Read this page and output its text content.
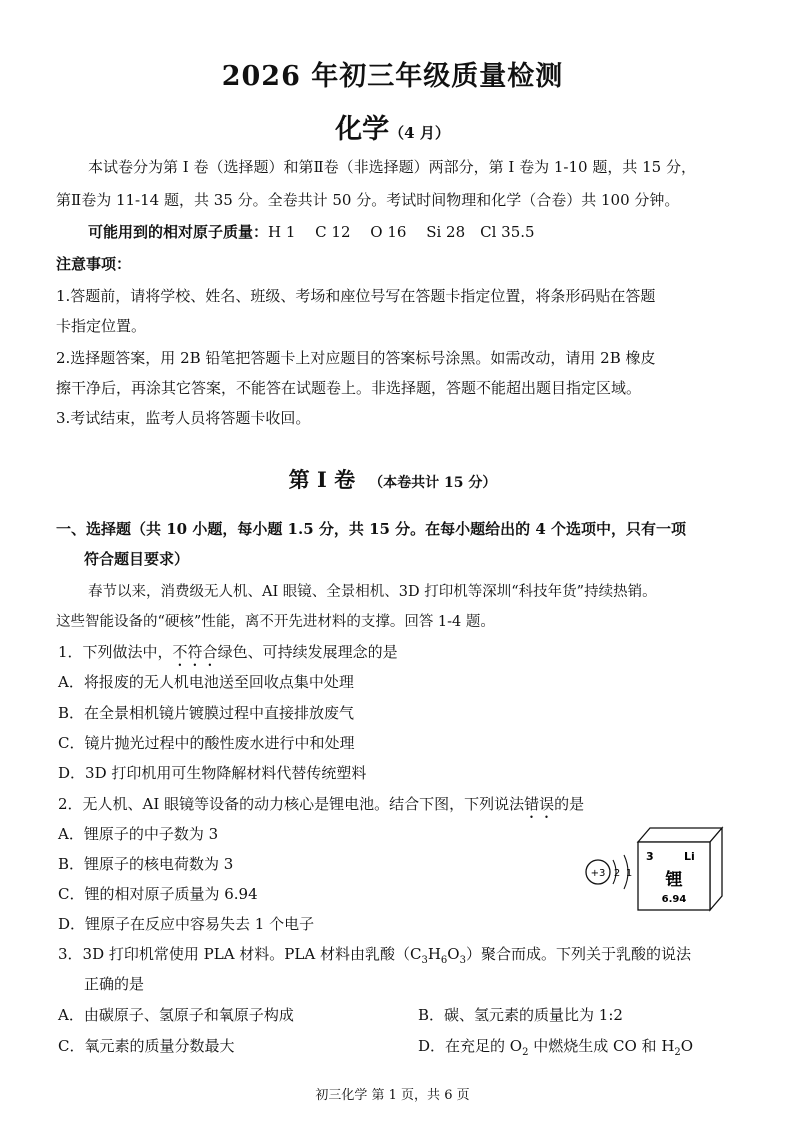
2026 年初三年级质量检测
化学（4 月）
本试卷分为第 I 卷（选择题）和第Ⅱ卷（非选择题）两部分，第 I 卷为 1-10 题，共 15 分，
第Ⅱ卷为 11-14 题，共 35 分。全卷共计 50 分。考试时间物理和化学（合卷）共 100 分钟。
可能用到的相对原子质量：H 1　 C 12　 O 16　 Si 28　Cl 35.5
注意事项：
1.答题前，请将学校、姓名、班级、考场和座位号写在答题卡指定位置，将条形码贴在答题
卡指定位置。
2.选择题答案，用 2B 铅笔把答题卡上对应题目的答案标号涂黑。如需改动，请用 2B 橡皮
擦干净后，再涂其它答案，不能答在试题卷上。非选择题，答题不能超出题目指定区域。
3.考试结束，监考人员将答题卡收回。
第 I 卷 （本卷共计 15 分）
一、选择题（共 10 小题，每小题 1.5 分，共 15 分。在每小题给出的 4 个选项中，只有一项
符合题目要求）
春节以来，消费级无人机、AI 眼镜、全景相机、3D 打印机等深圳“科技年货”持续热销。
这些智能设备的“硬核”性能，离不开先进材料的支撑。回答 1-4 题。
1．下列做法中，不符合绿色、可持续发展理念的是
A．将报废的无人机电池送至回收点集中处理
B．在全景相机镜片镀膜过程中直接排放废气
C．镜片抛光过程中的酸性废水进行中和处理
D．3D 打印机用可生物降解材料代替传统塑料
2．无人机、AI 眼镜等设备的动力核心是锂电池。结合下图，下列说法错误的是
A．锂原子的中子数为 3
B．锂原子的核电荷数为 3
C．锂的相对原子质量为 6.94
D．锂原子在反应中容易失去 1 个电子
+3 2 1
3	Li
锂
6.94
3．3D 打印机常使用 PLA 材料。PLA 材料由乳酸$(C_3H_6O_3)$聚合而成。下列关于乳酸的说法
正确的是
A．由碳原子、氢原子和氧原子构成	B．碳、氢元素的质量比为 1:2
C．氧元素的质量分数最大	D．在充足的 $O_2$ 中燃烧生成 CO 和 $H_2O$
初三化学 第 1 页，共 6 页
